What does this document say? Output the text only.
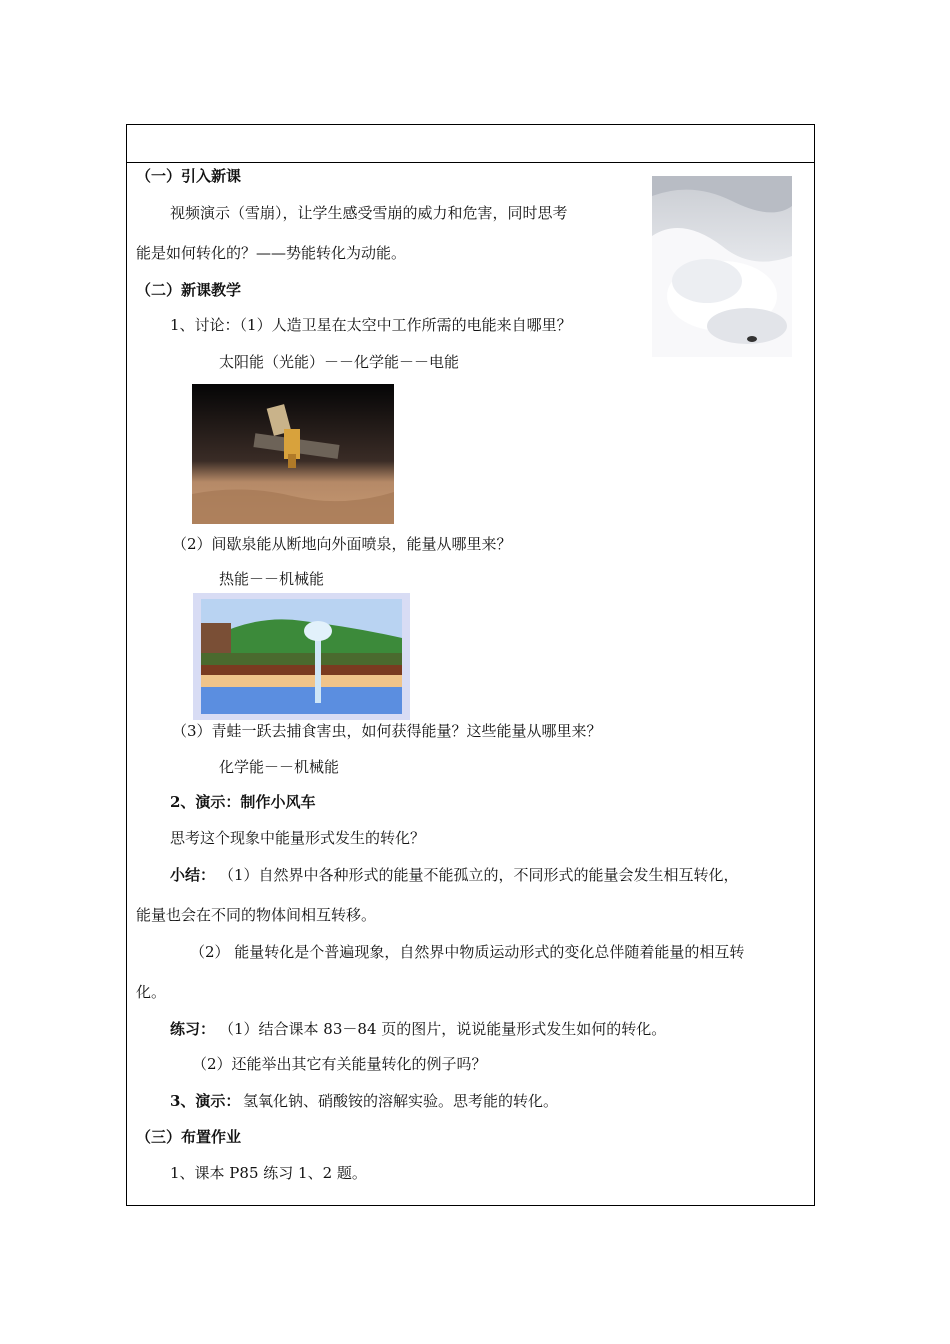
（一）引入新课
视频演示（雪崩），让学生感受雪崩的威力和危害，同时思考
能是如何转化的？——势能转化为动能。
（二）新课教学
1、讨论：（1）人造卫星在太空中工作所需的电能来自哪里？
太阳能（光能）－－化学能－－电能
（2）间歇泉能从断地向外面喷泉，能量从哪里来？
热能－－机械能
（3）青蛙一跃去捕食害虫，如何获得能量？这些能量从哪里来？
化学能－－机械能
2、演示：制作小风车
思考这个现象中能量形式发生的转化？
小结： （1）自然界中各种形式的能量不能孤立的，不同形式的能量会发生相互转化，
能量也会在不同的物体间相互转移。
（2） 能量转化是个普遍现象，自然界中物质运动形式的变化总伴随着能量的相互转
化。
练习： （1）结合课本 83－84 页的图片，说说能量形式发生如何的转化。
（2）还能举出其它有关能量转化的例子吗？
3、演示： 氢氧化钠、硝酸铵的溶解实验。思考能的转化。
（三）布置作业
1、课本 P85 练习 1、2 题。
